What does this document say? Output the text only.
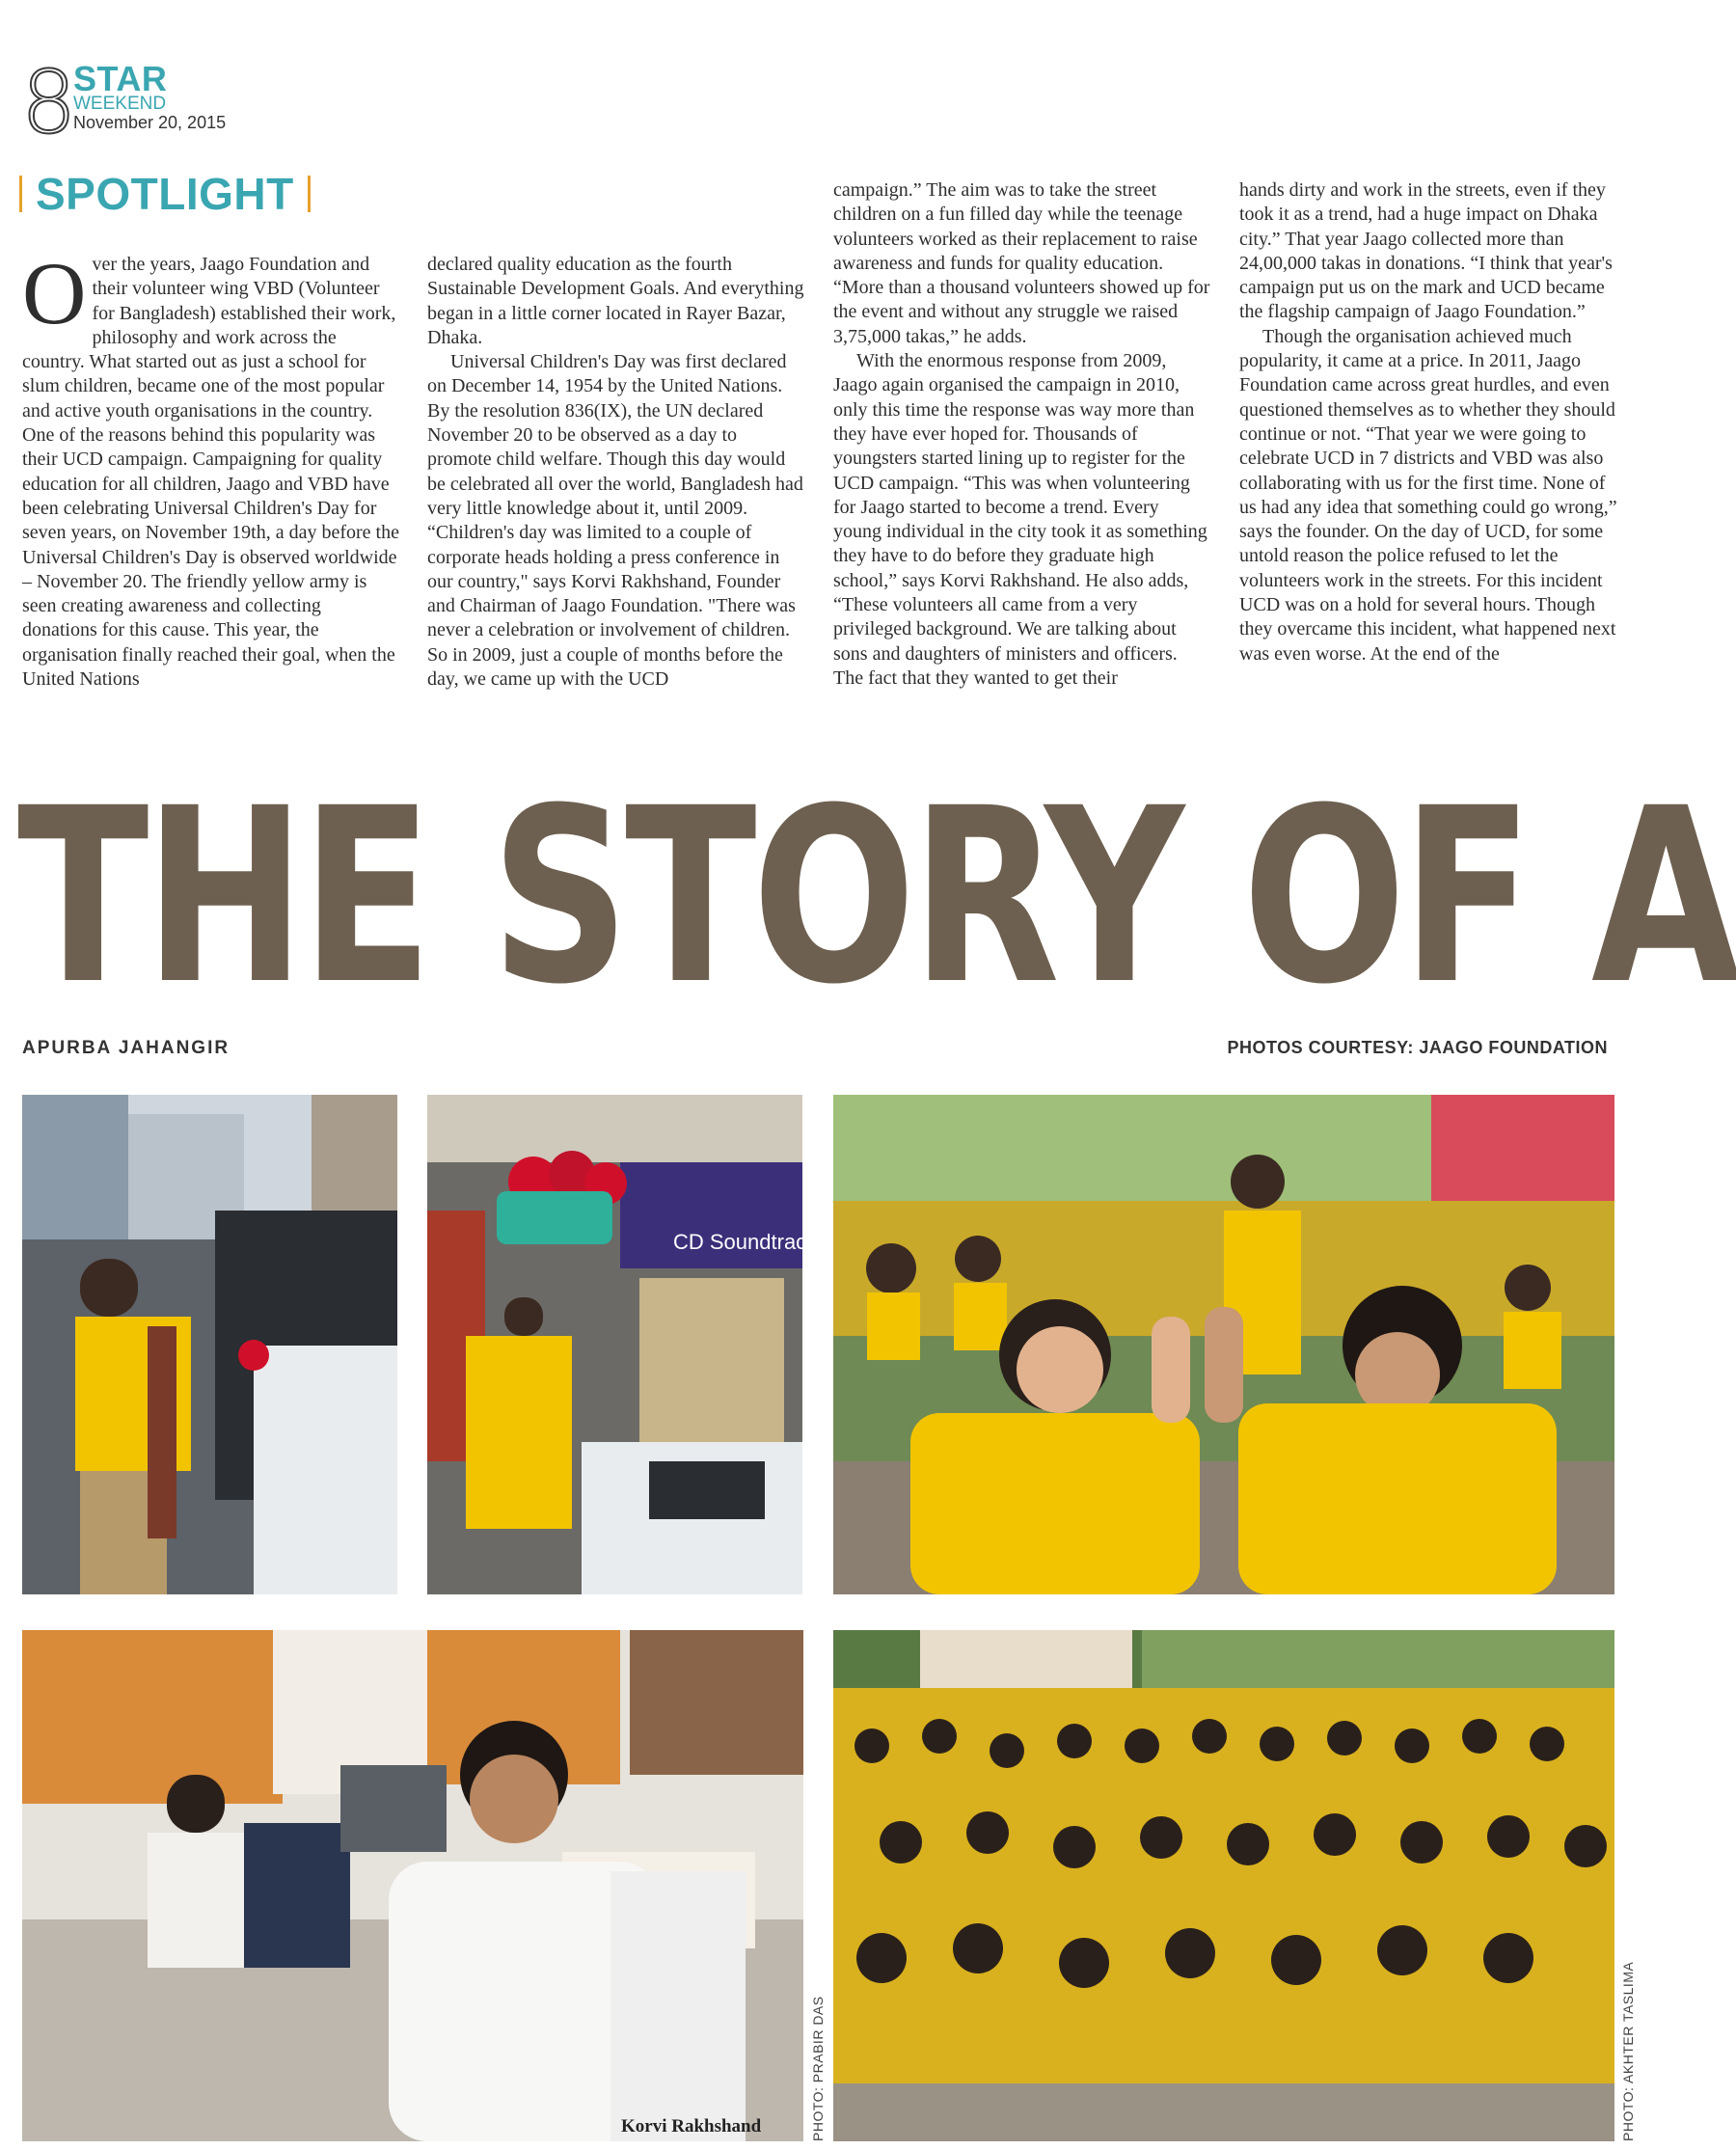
8
STAR
WEEKEND
November 20, 2015
SPOTLIGHT
O ver the years, Jaago Foundation and their volunteer wing VBD (Volunteer for Bangladesh) established their work, philosophy and work across the country. What started out as just a school for slum children, became one of the most popular and active youth organisations in the country. One of the reasons behind this popularity was their UCD campaign. Campaigning for quality education for all children, Jaago and VBD have been celebrating Universal Children's Day for seven years, on November 19th, a day before the Universal Children's Day is observed worldwide – November 20. The friendly yellow army is seen creating awareness and collecting donations for this cause. This year, the organisation finally reached their goal, when the United Nations

declared quality education as the fourth Sustainable Development Goals. And everything began in a little corner located in Rayer Bazar, Dhaka.

Universal Children's Day was first declared on December 14, 1954 by the United Nations. By the resolution 836(IX), the UN declared November 20 to be observed as a day to promote child welfare. Though this day would be celebrated all over the world, Bangladesh had very little knowledge about it, until 2009. “Children's day was limited to a couple of corporate heads holding a press conference in our country," says Korvi Rakhshand, Founder and Chairman of Jaago Foundation. "There was never a celebration or involvement of children. So in 2009, just a couple of months before the day, we came up with the UCD

campaign.” The aim was to take the street children on a fun filled day while the teenage volunteers worked as their replacement to raise awareness and funds for quality education. “More than a thousand volunteers showed up for the event and without any struggle we raised 3,75,000 takas,” he adds.

With the enormous response from 2009, Jaago again organised the campaign in 2010, only this time the response was way more than they have ever hoped for. Thousands of youngsters started lining up to register for the UCD campaign. “This was when volunteering for Jaago started to become a trend. Every young individual in the city took it as something they have to do before they graduate high school,” says Korvi Rakhshand. He also adds, “These volunteers all came from a very privileged background. We are talking about sons and daughters of ministers and officers. The fact that they wanted to get their

hands dirty and work in the streets, even if they took it as a trend, had a huge impact on Dhaka city.” That year Jaago collected more than 24,00,000 takas in donations. “I think that year's campaign put us on the mark and UCD became the flagship campaign of Jaago Foundation.”

Though the organisation achieved much popularity, it came at a price. In 2011, Jaago Foundation came across great hurdles, and even questioned themselves as to whether they should continue or not. “That year we were going to celebrate UCD in 7 districts and VBD was also collaborating with us for the first time. None of us had any idea that something could go wrong,” says the founder. On the day of UCD, for some untold reason the police refused to let the volunteers work in the streets. For this incident UCD was on a hold for several hours. Though they overcame this incident, what happened next was even worse. At the end of the

THE STORY OF A
APURBA JAHANGIR	PHOTOS COURTESY: JAAGO FOUNDATION
CD Soundtrack
Korvi Rakhshand	PHOTO: PRABIR DAS	PHOTO: AKHTER TASLIMA
